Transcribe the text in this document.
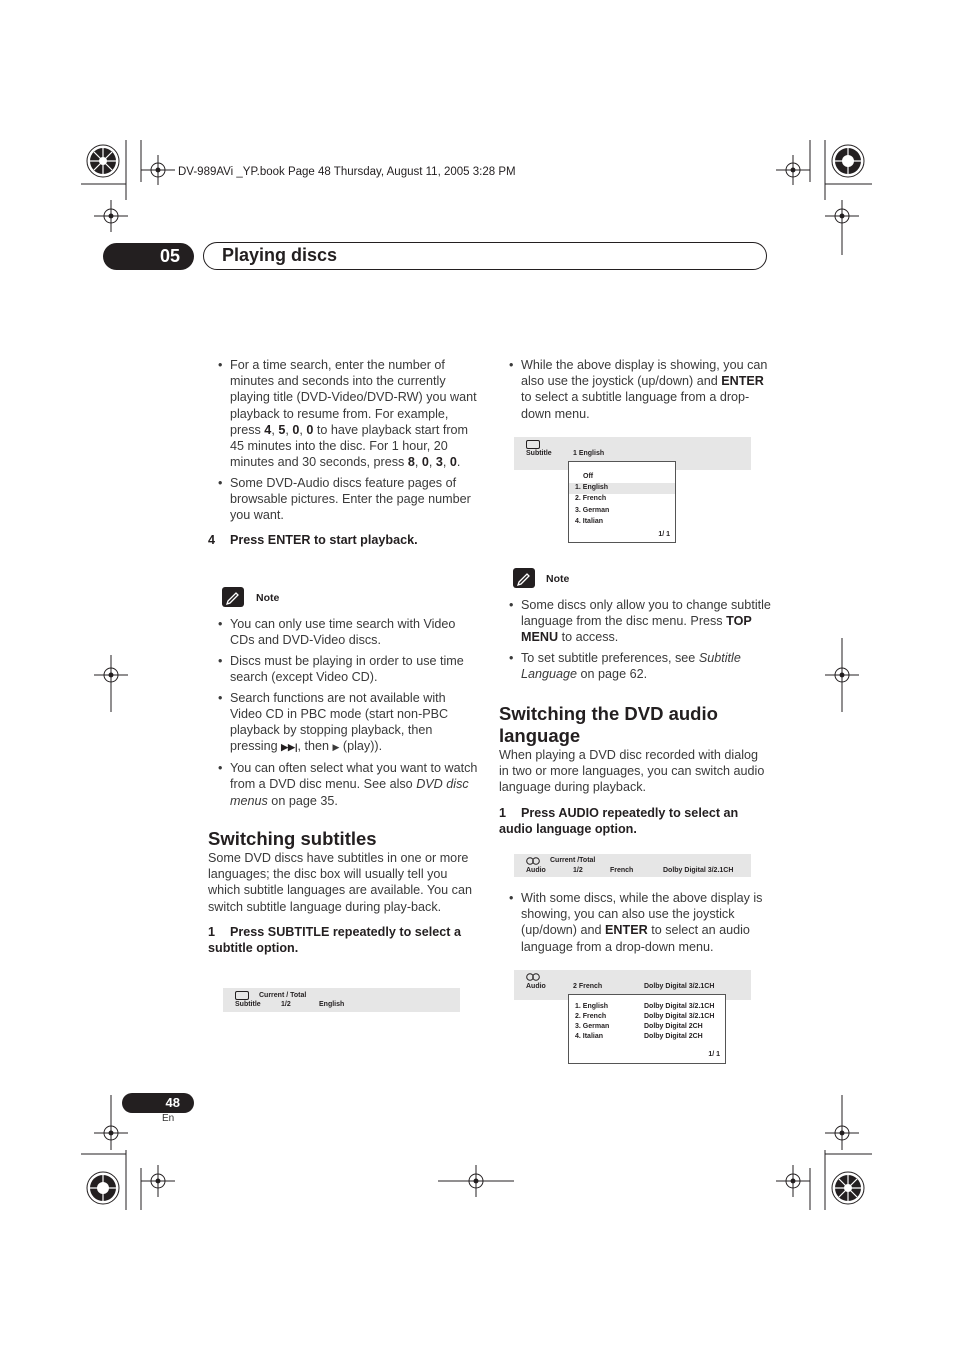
DV-989AVi _YP.book Page 48 Thursday, August 11, 2005 3:28 PM
05	Playing discs
• For a time search, enter the number of minutes and seconds into the currently playing title (DVD-Video/DVD-RW) you want playback to resume from. For example, press 4, 5, 0, 0 to have playback start from 45 minutes into the disc. For 1 hour, 20 minutes and 30 seconds, press 8, 0, 3, 0.
• Some DVD-Audio discs feature pages of browsable pictures. Enter the page number you want.
4 Press ENTER to start playback.
Note
• You can only use time search with Video CDs and DVD-Video discs.
• Discs must be playing in order to use time search (except Video CD).
• Search functions are not available with Video CD in PBC mode (start non-PBC playback by stopping playback, then pressing ▶▶|, then ▶ (play)).
• You can often select what you want to watch from a DVD disc menu. See also DVD disc menus on page 35.
Switching subtitles
Some DVD discs have subtitles in one or more languages; the disc box will usually tell you which subtitle languages are available. You can switch subtitle language during play-back.
1 Press SUBTITLE repeatedly to select a subtitle option.
Current / Total
Subtitle	1/2	English
• While the above display is showing, you can also use the joystick (up/down) and ENTER to select a subtitle language from a drop-down menu.
Subtitle	1 English
Off
1. English
2. French
3. German
4. Italian
1/ 1
Note
• Some discs only allow you to change subtitle language from the disc menu. Press TOP MENU to access.
• To set subtitle preferences, see Subtitle Language on page 62.
Switching the DVD audio language
When playing a DVD disc recorded with dialog in two or more languages, you can switch audio language during playback.
1 Press AUDIO repeatedly to select an audio language option.
Current /Total
Audio	1/2	French	Dolby Digital 3/2.1CH
• With some discs, while the above display is showing, you can also use the joystick (up/down) and ENTER to select an audio language from a drop-down menu.
Audio	2 French	Dolby Digital 3/2.1CH
1. English	Dolby Digital 3/2.1CH
2. French	Dolby Digital 3/2.1CH
3. German	Dolby Digital 2CH
4. Italian	Dolby Digital 2CH
1/ 1
48
En
